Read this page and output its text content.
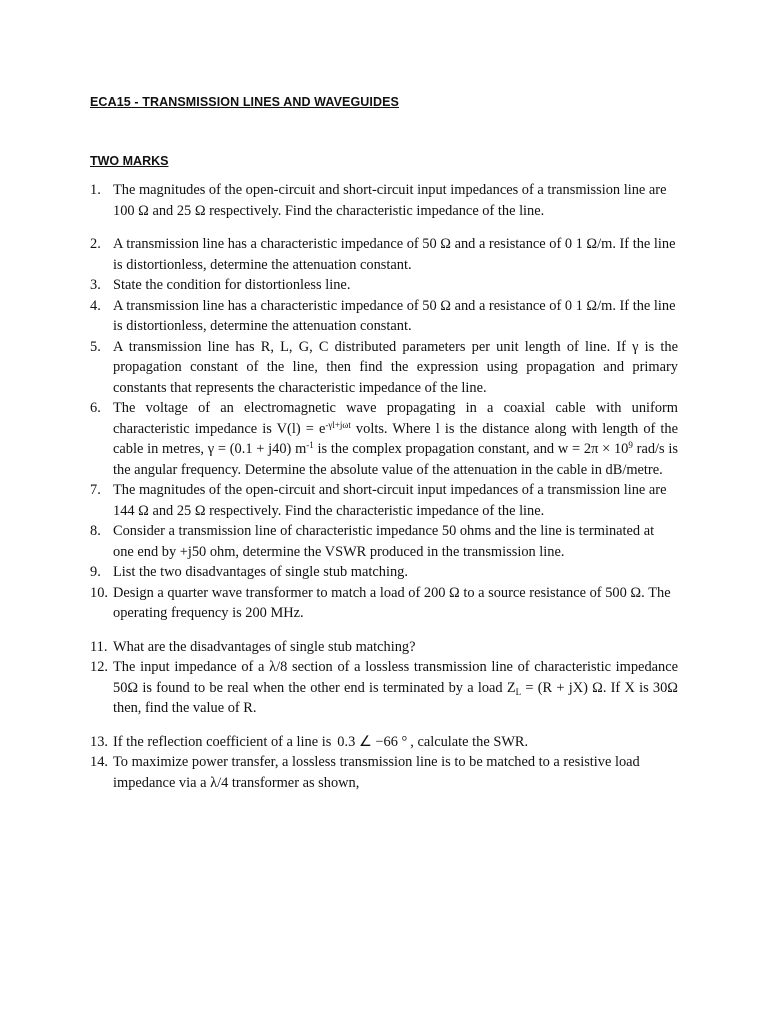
ECA15 - TRANSMISSION LINES AND WAVEGUIDES
TWO MARKS
1. The magnitudes of the open-circuit and short-circuit input impedances of a transmission line are 100 Ω and 25 Ω respectively. Find the characteristic impedance of the line.
2. A transmission line has a characteristic impedance of 50 Ω and a resistance of 0 1 Ω/m. If the line is distortionless, determine the attenuation constant.
3. State the condition for distortionless line.
4. A transmission line has a characteristic impedance of 50 Ω and a resistance of 0 1 Ω/m. If the line is distortionless, determine the attenuation constant.
5. A transmission line has R, L, G, C distributed parameters per unit length of line. If γ is the propagation constant of the line, then find the expression using propagation and primary constants that represents the characteristic impedance of the line.
6. The voltage of an electromagnetic wave propagating in a coaxial cable with uniform characteristic impedance is $V(l) = e^{-\gamma l+j\omega t}$ volts. Where l is the distance along with length of the cable in metres, γ = (0.1 + j40) $m^{-1}$ is the complex propagation constant, and $w = 2\pi \times 10^9$ rad/s is the angular frequency. Determine the absolute value of the attenuation in the cable in dB/metre.
7. The magnitudes of the open-circuit and short-circuit input impedances of a transmission line are 144 Ω and 25 Ω respectively. Find the characteristic impedance of the line.
8. Consider a transmission line of characteristic impedance 50 ohms and the line is terminated at one end by +j50 ohm, determine the VSWR produced in the transmission line.
9. List the two disadvantages of single stub matching.
10. Design a quarter wave transformer to match a load of 200 Ω to a source resistance of 500 Ω. The operating frequency is 200 MHz.
11. What are the disadvantages of single stub matching?
12. The input impedance of a λ/8 section of a lossless transmission line of characteristic impedance 50Ω is found to be real when the other end is terminated by a load $Z_L = (R + jX)$ Ω. If X is 30Ω then, find the value of R.
13. If the reflection coefficient of a line is 0.3 ∠ −66 ° , calculate the SWR.
14. To maximize power transfer, a lossless transmission line is to be matched to a resistive load impedance via a λ/4 transformer as shown,
